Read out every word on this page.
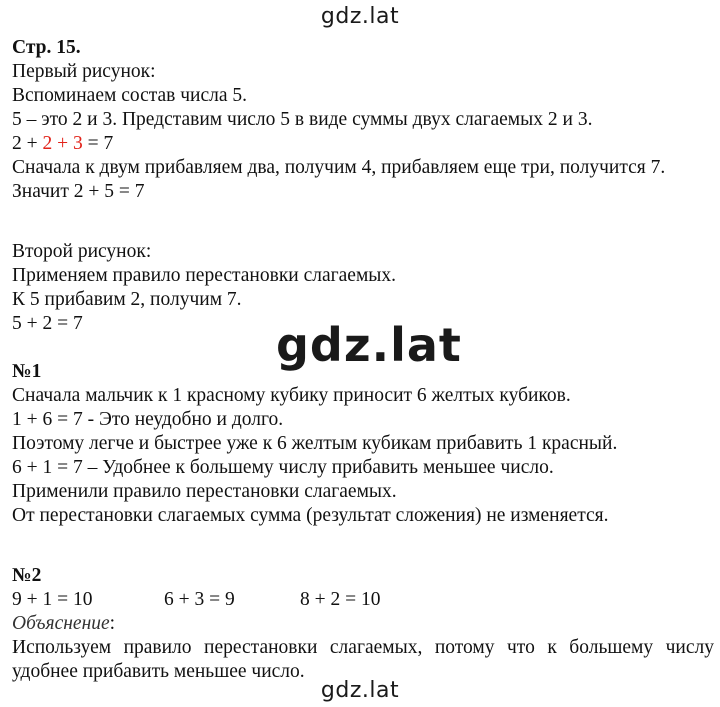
gdz.lat
Стр. 15.
Первый рисунок:
Вспоминаем состав числа 5.
5 – это 2 и 3. Представим число 5 в виде суммы двух слагаемых 2 и 3.
2 + 2 + 3 = 7
Сначала к двум прибавляем два, получим 4, прибавляем еще три, получится 7.
Значит 2 + 5 = 7
Второй рисунок:
Применяем правило перестановки слагаемых.
К 5 прибавим 2, получим 7.
5 + 2 = 7
№1
Сначала мальчик к 1 красному кубику приносит 6 желтых кубиков.
1 + 6 = 7 - Это неудобно и долго.
Поэтому легче и быстрее уже к 6 желтым кубикам прибавить 1 красный.
6 + 1 = 7 – Удобнее к большему числу прибавить меньшее число.
Применили правило перестановки слагаемых.
От перестановки слагаемых сумма (результат сложения) не изменяется.
№2
9 + 1 = 10	6 + 3 = 9	8 + 2 = 10
Объяснение:
Используем правило перестановки слагаемых, потому что к большему числу удобнее прибавить меньшее число.
gdz.lat
gdz.lat
